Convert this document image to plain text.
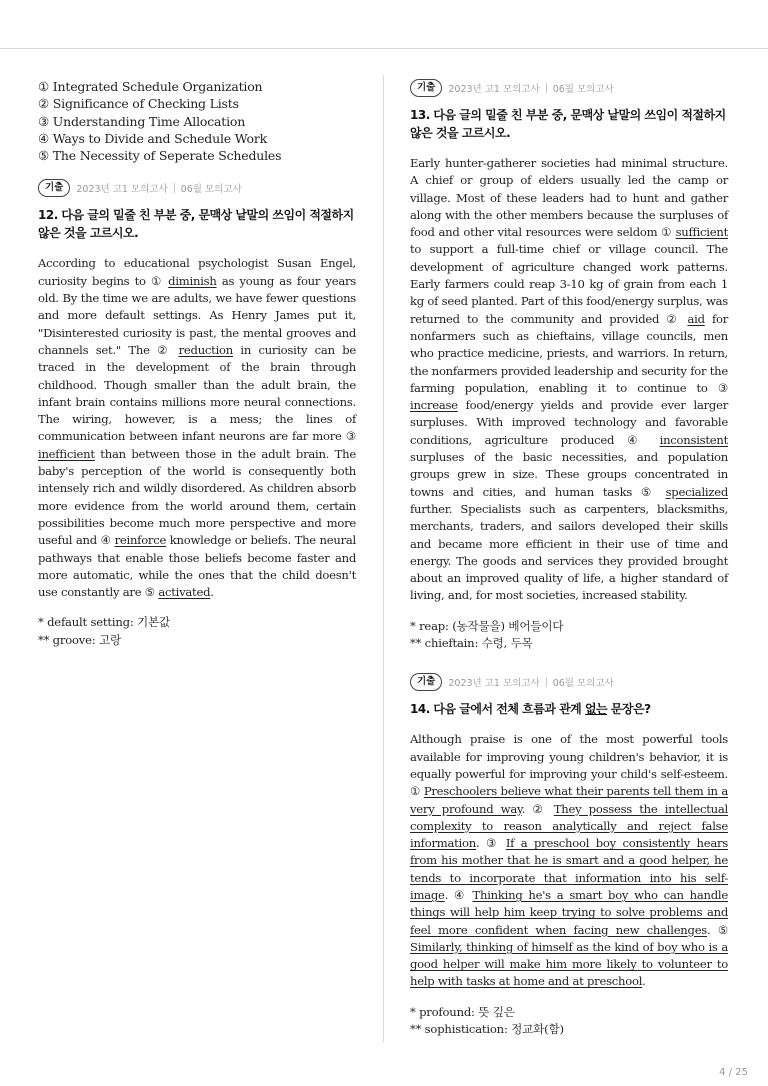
① Integrated Schedule Organization
② Significance of Checking Lists
③ Understanding Time Allocation
④ Ways to Divide and Schedule Work
⑤ The Necessity of Seperate Schedules
기출	2023년 고1 모의고사 06월 모의고사
12. 다음 글의 밑줄 친 부분 중, 문맥상 낱말의 쓰임이 적절하지 않은 것을 고르시오.
According to educational psychologist Susan Engel, curiosity begins to ① diminish as young as four years old. By the time we are adults, we have fewer questions and more default settings. As Henry James put it, "Disinterested curiosity is past, the mental grooves and channels set." The ② reduction in curiosity can be traced in the development of the brain through childhood. Though smaller than the adult brain, the infant brain contains millions more neural connections. The wiring, however, is a mess; the lines of communication between infant neurons are far more ③ inefficient than between those in the adult brain. The baby's perception of the world is consequently both intensely rich and wildly disordered. As children absorb more evidence from the world around them, certain possibilities become much more perspective and more useful and ④ reinforce knowledge or beliefs. The neural pathways that enable those beliefs become faster and more automatic, while the ones that the child doesn't use constantly are ⑤ activated.
* default setting: 기본값
** groove: 고랑
기출	2023년 고1 모의고사 06월 모의고사
13. 다음 글의 밑줄 친 부분 중, 문맥상 낱말의 쓰임이 적절하지 않은 것을 고르시오.
Early hunter-gatherer societies had minimal structure. A chief or group of elders usually led the camp or village. Most of these leaders had to hunt and gather along with the other members because the surpluses of food and other vital resources were seldom ① sufficient to support a full-time chief or village council. The development of agriculture changed work patterns. Early farmers could reap 3-10 kg of grain from each 1 kg of seed planted. Part of this food/energy surplus, was returned to the community and provided ② aid for nonfarmers such as chieftains, village councils, men who practice medicine, priests, and warriors. In return, the nonfarmers provided leadership and security for the farming population, enabling it to continue to ③ increase food/energy yields and provide ever larger surpluses. With improved technology and favorable conditions, agriculture produced ④ inconsistent surpluses of the basic necessities, and population groups grew in size. These groups concentrated in towns and cities, and human tasks ⑤ specialized further. Specialists such as carpenters, blacksmiths, merchants, traders, and sailors developed their skills and became more efficient in their use of time and energy. The goods and services they provided brought about an improved quality of life, a higher standard of living, and, for most societies, increased stability.
* reap: (농작물을) 베어들이다
** chieftain: 수령, 두목
기출	2023년 고1 모의고사 06월 모의고사
14. 다음 글에서 전체 흐름과 관계 없는 문장은?
Although praise is one of the most powerful tools available for improving young children's behavior, it is equally powerful for improving your child's self-esteem. ① Preschoolers believe what their parents tell them in a very profound way. ② They possess the intellectual complexity to reason analytically and reject false information. ③ If a preschool boy consistently hears from his mother that he is smart and a good helper, he tends to incorporate that information into his self-image. ④ Thinking he's a smart boy who can handle things will help him keep trying to solve problems and feel more confident when facing new challenges. ⑤ Similarly, thinking of himself as the kind of boy who is a good helper will make him more likely to volunteer to help with tasks at home and at preschool.
* profound: 뜻 깊은
** sophistication: 정교화(함)
4 / 25
